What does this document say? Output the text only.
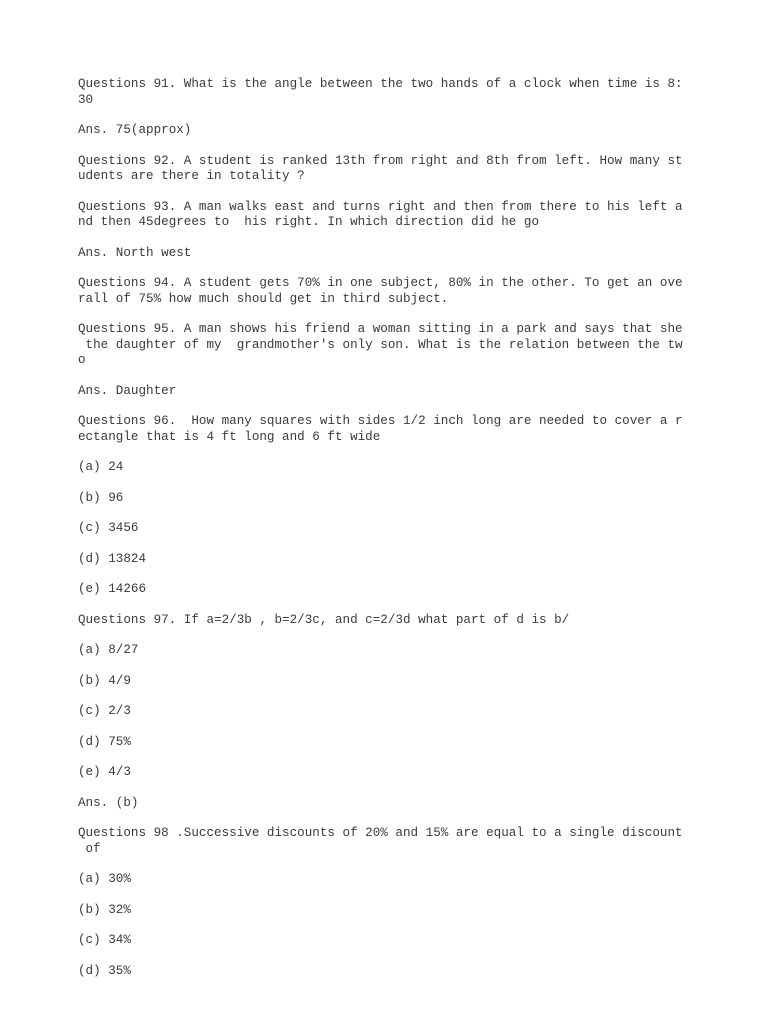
Questions 91. What is the angle between the two hands of a clock when time is 8:
30
Ans. 75(approx)
Questions 92. A student is ranked 13th from right and 8th from left. How many st
udents are there in totality ?
Questions 93. A man walks east and turns right and then from there to his left a
nd then 45degrees to  his right. In which direction did he go
Ans. North west
Questions 94. A student gets 70% in one subject, 80% in the other. To get an ove
rall of 75% how much should get in third subject.
Questions 95. A man shows his friend a woman sitting in a park and says that she
the daughter of my  grandmother's only son. What is the relation between the tw
o
Ans. Daughter
Questions 96.  How many squares with sides 1/2 inch long are needed to cover a r
ectangle that is 4 ft long and 6 ft wide
(a) 24
(b) 96
(c) 3456
(d) 13824
(e) 14266
Questions 97. If a=2/3b , b=2/3c, and c=2/3d what part of d is b/
(a) 8/27
(b) 4/9
(c) 2/3
(d) 75%
(e) 4/3
Ans. (b)
Questions 98 .Successive discounts of 20% and 15% are equal to a single discount
of
(a) 30%
(b) 32%
(c) 34%
(d) 35%
